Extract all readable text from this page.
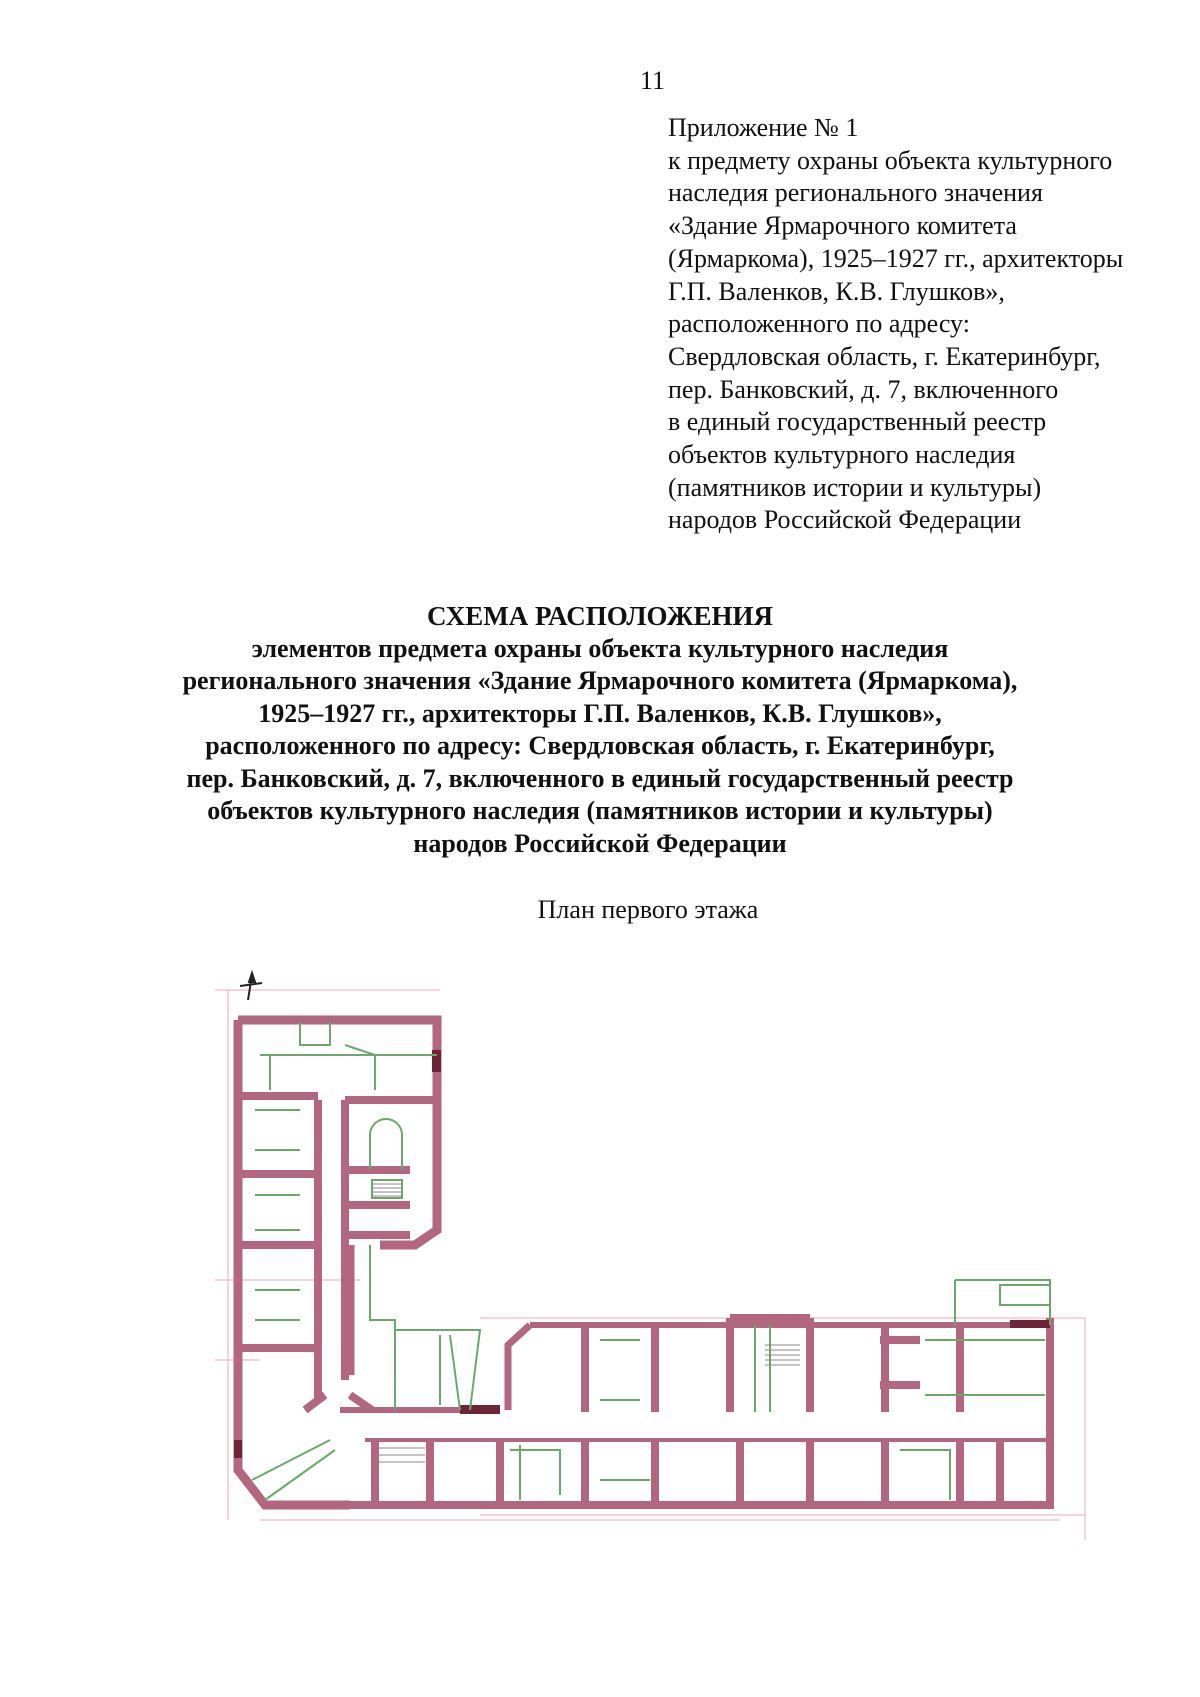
11
Приложение № 1
к предмету охраны объекта культурного
наследия регионального значения
«Здание Ярмарочного комитета
(Ярмаркома), 1925–1927 гг., архитекторы
Г.П. Валенков, К.В. Глушков»,
расположенного по адресу:
Свердловская область, г. Екатеринбург,
пер. Банковский, д. 7, включенного
в единый государственный реестр
объектов культурного наследия
(памятников истории и культуры)
народов Российской Федерации
СХЕМА РАСПОЛОЖЕНИЯ
элементов предмета охраны объекта культурного наследия
регионального значения «Здание Ярмарочного комитета (Ярмаркома),
1925–1927 гг., архитекторы Г.П. Валенков, К.В. Глушков»,
расположенного по адресу: Свердловская область, г. Екатеринбург,
пер. Банковский, д. 7, включенного в единый государственный реестр
объектов культурного наследия (памятников истории и культуры)
народов Российской Федерации
План первого этажа
